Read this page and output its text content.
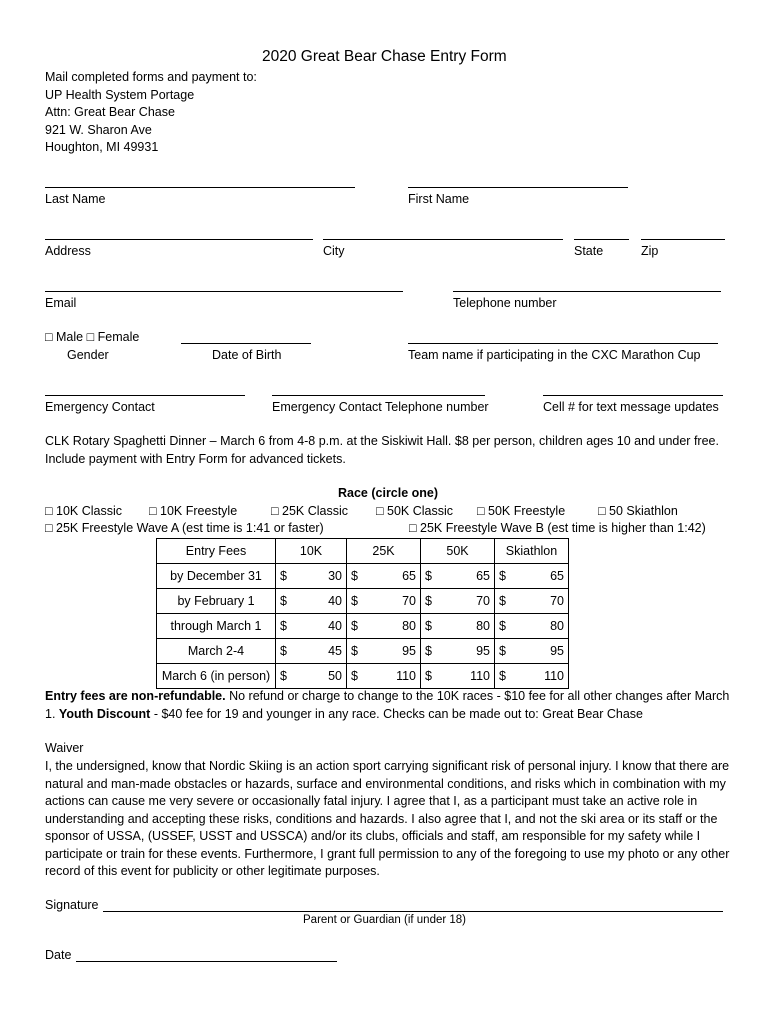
2020 Great Bear Chase Entry Form
Mail completed forms and payment to:
UP Health System Portage
Attn: Great Bear Chase
921 W. Sharon Ave
Houghton, MI 49931
Last Name	First Name
Address	City	State	Zip
Email	Telephone number
□ Male □ Female
Gender	Date of Birth	Team name if participating in the CXC Marathon Cup
Emergency Contact	Emergency Contact Telephone number	Cell # for text message updates
CLK Rotary Spaghetti Dinner – March 6 from 4-8 p.m. at the Siskiwit Hall. $8 per person, children ages 10 and under free. Include payment with Entry Form for advanced tickets.
Race (circle one)
□ 10K Classic □ 10K Freestyle	□ 25K Classic □ 50K Classic □ 50K Freestyle	□ 50 Skiathlon
□ 25K Freestyle Wave A (est time is 1:41 or faster)	□ 25K Freestyle Wave B (est time is higher than 1:42)
Entry Fees	10K	25K	50K	Skiathlon
by December 31	$ 30	$ 65	$ 65	$ 65

by February 1	$ 40	$ 70	$ 70	$ 70

through March 1	$ 40	$ 80	$ 80	$ 80

March 2-4	$ 45	$ 95	$ 95	$ 95

March 6 (in person)	$ 50	$ 110	$ 110	$ 110
Entry fees are non-refundable. No refund or charge to change to the 10K races - $10 fee for all other changes after March 1. Youth Discount - $40 fee for 19 and younger in any race. Checks can be made out to: Great Bear Chase
Waiver
I, the undersigned, know that Nordic Skiing is an action sport carrying significant risk of personal injury. I know that there are natural and man-made obstacles or hazards, surface and environmental conditions, and risks which in combination with my actions can cause me very severe or occasionally fatal injury. I agree that I, as a participant must take an active role in understanding and accepting these risks, conditions and hazards. I also agree that I, and not the ski area or its staff or the sponsor of USSA, (USSEF, USST and USSCA) and/or its clubs, officials and staff, am responsible for my safety while I participate or train for these events. Furthermore, I grant full permission to any of the foregoing to use my photo or any other record of this event for publicity or other legitimate purposes.
Signature
Parent or Guardian (if under 18)
Date
